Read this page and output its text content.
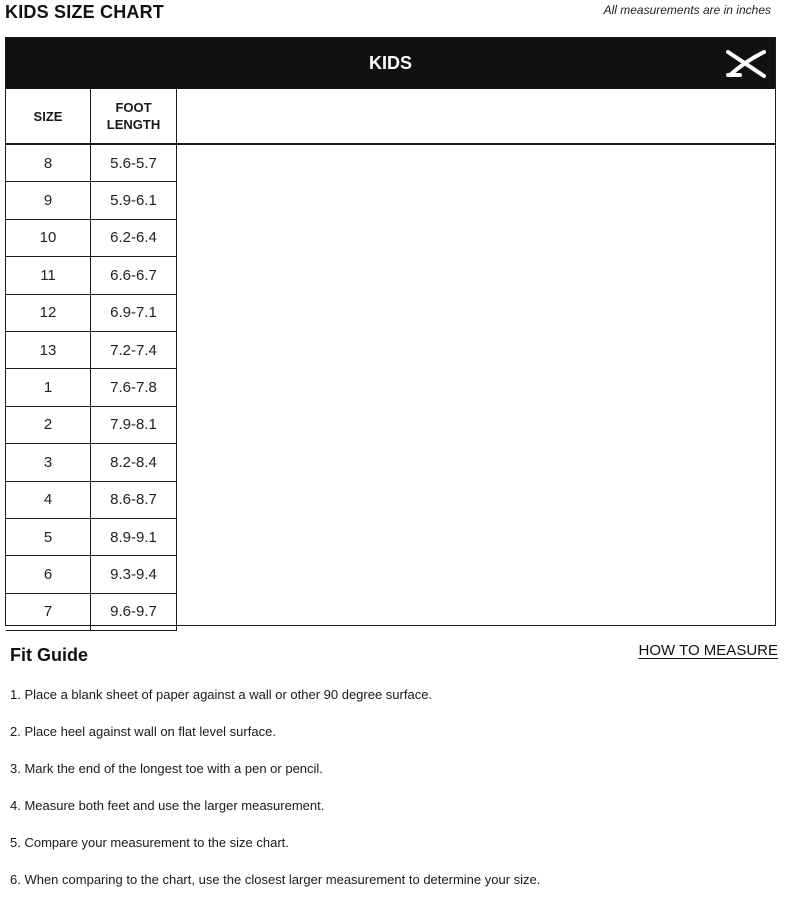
KIDS SIZE CHART	All measurements are in inches
KIDS
SIZE	FOOT LENGTH
8	5.6-5.7
9	5.9-6.1
10	6.2-6.4
11	6.6-6.7
12	6.9-7.1
13	7.2-7.4
1	7.6-7.8
2	7.9-8.1
3	8.2-8.4
4	8.6-8.7
5	8.9-9.1
6	9.3-9.4
7	9.6-9.7
Fit Guide	HOW TO MEASURE
1. Place a blank sheet of paper against a wall or other 90 degree surface.
2. Place heel against wall on flat level surface.
3. Mark the end of the longest toe with a pen or pencil.
4. Measure both feet and use the larger measurement.
5. Compare your measurement to the size chart.
6. When comparing to the chart, use the closest larger measurement to determine your size.
